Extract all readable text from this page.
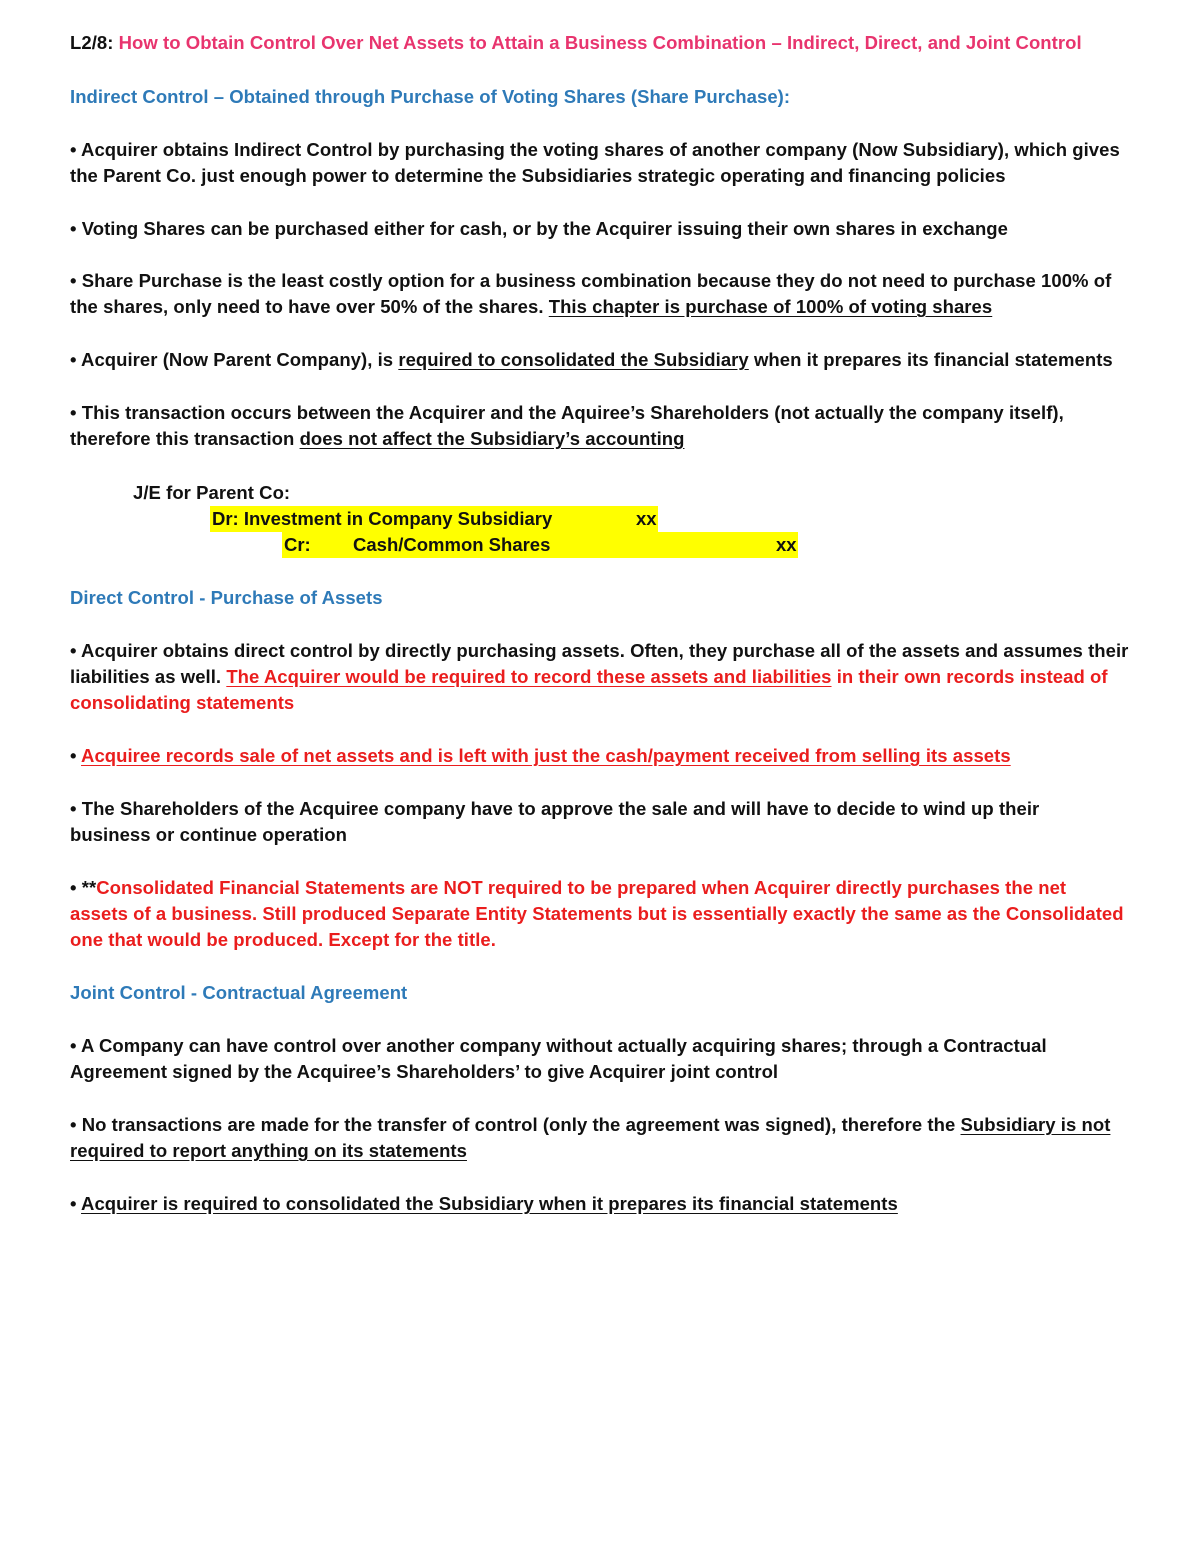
L2/8: How to Obtain Control Over Net Assets to Attain a Business Combination – Indirect, Direct, and Joint Control
Indirect Control – Obtained through Purchase of Voting Shares (Share Purchase):
• Acquirer obtains Indirect Control by purchasing the voting shares of another company (Now Subsidiary), which gives
the Parent Co. just enough power to determine the Subsidiaries strategic operating and financing policies
• Voting Shares can be purchased either for cash, or by the Acquirer issuing their own shares in exchange
• Share Purchase is the least costly option for a business combination because they do not need to purchase 100% of
the shares, only need to have over 50% of the shares. This chapter is purchase of 100% of voting shares
• Acquirer (Now Parent Company), is required to consolidated the Subsidiary when it prepares its financial statements
• This transaction occurs between the Acquirer and the Aquiree’s Shareholders (not actually the company itself),
therefore this transaction does not affect the Subsidiary’s accounting
J/E for Parent Co:
Dr: Investment in Company Subsidiary	xx
Cr: Cash/Common Shares	xx
Direct Control - Purchase of Assets
• Acquirer obtains direct control by directly purchasing assets. Often, they purchase all of the assets and assumes their
liabilities as well. The Acquirer would be required to record these assets and liabilities in their own records instead of
consolidating statements
• Acquiree records sale of net assets and is left with just the cash/payment received from selling its assets
• The Shareholders of the Acquiree company have to approve the sale and will have to decide to wind up their
business or continue operation
• **Consolidated Financial Statements are NOT required to be prepared when Acquirer directly purchases the net
assets of a business. Still produced Separate Entity Statements but is essentially exactly the same as the Consolidated
one that would be produced. Except for the title.
Joint Control - Contractual Agreement
• A Company can have control over another company without actually acquiring shares; through a Contractual
Agreement signed by the Acquiree’s Shareholders’ to give Acquirer joint control
• No transactions are made for the transfer of control (only the agreement was signed), therefore the Subsidiary is not
required to report anything on its statements
• Acquirer is required to consolidated the Subsidiary when it prepares its financial statements
